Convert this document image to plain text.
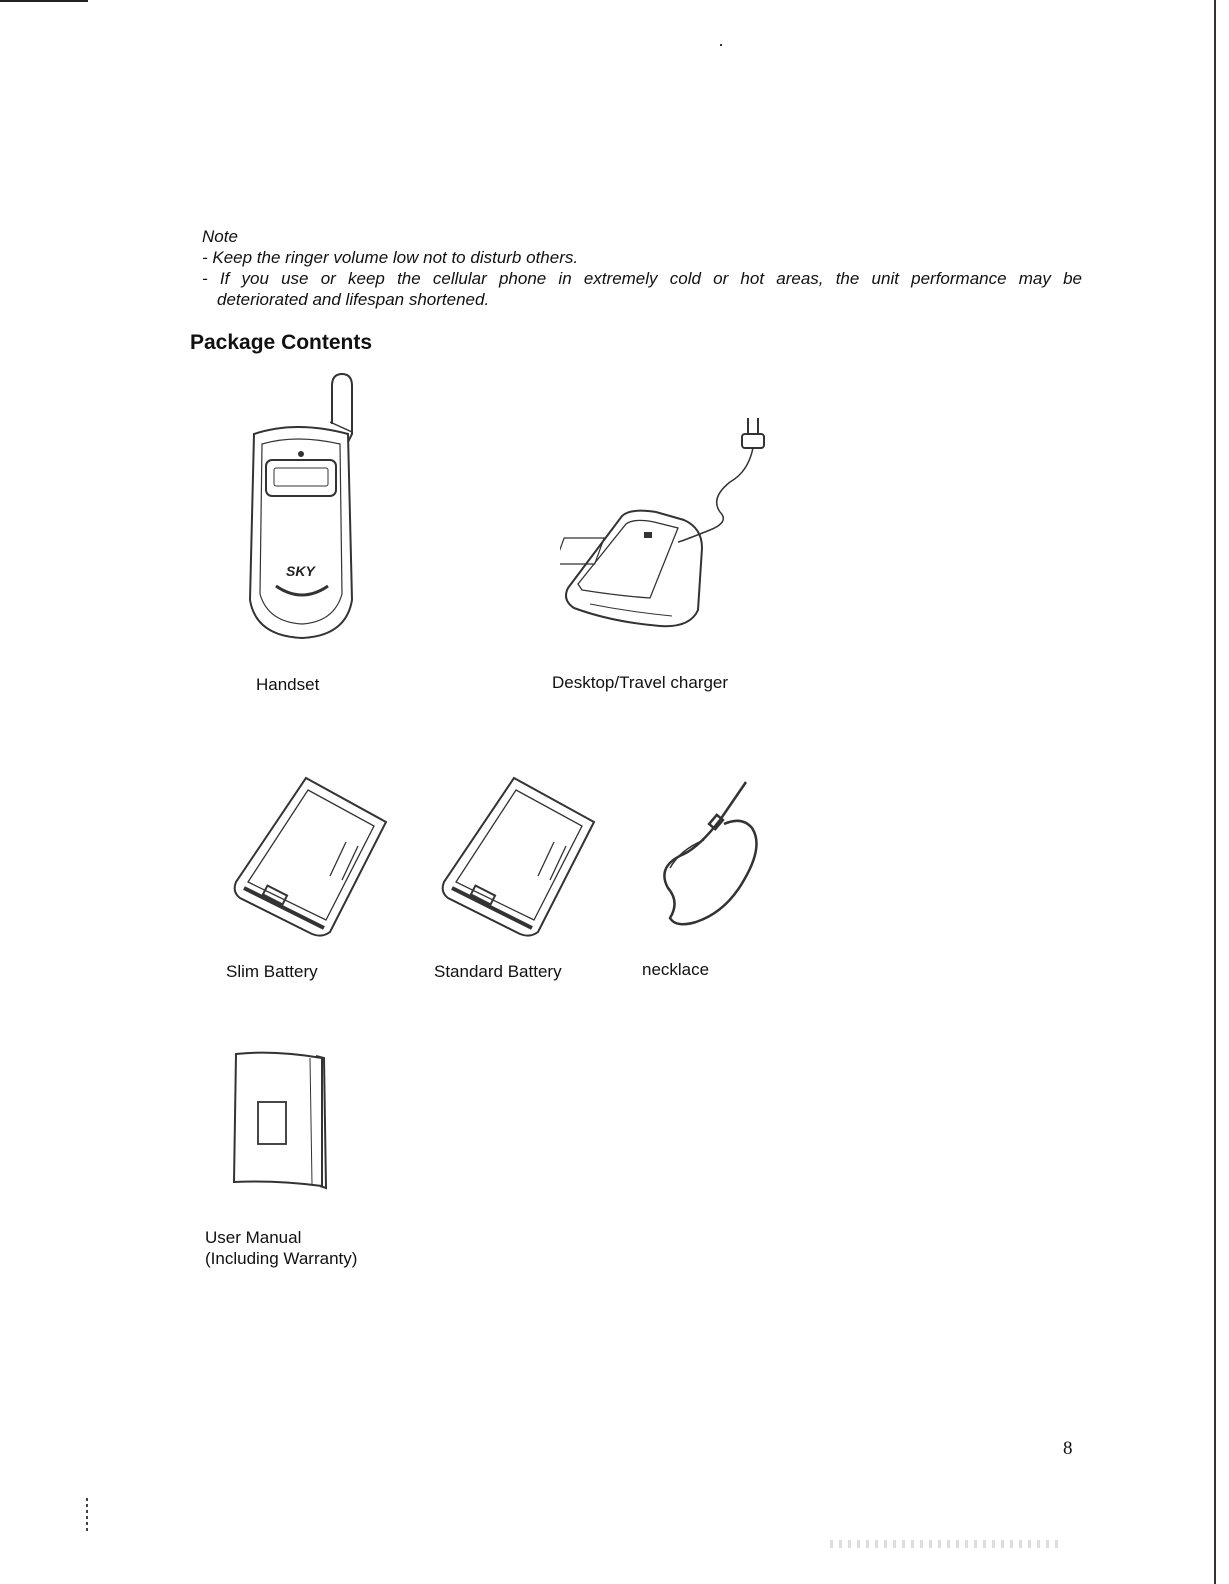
Note
- Keep the ringer volume low not to disturb others.
- If you use or keep the cellular phone in extremely cold or hot areas, the unit performance may be
deteriorated and lifespan shortened.
Package Contents
SKY
Handset	Desktop/Travel charger
Slim Battery	Standard Battery	necklace
User Manual
(Including Warranty)
8
